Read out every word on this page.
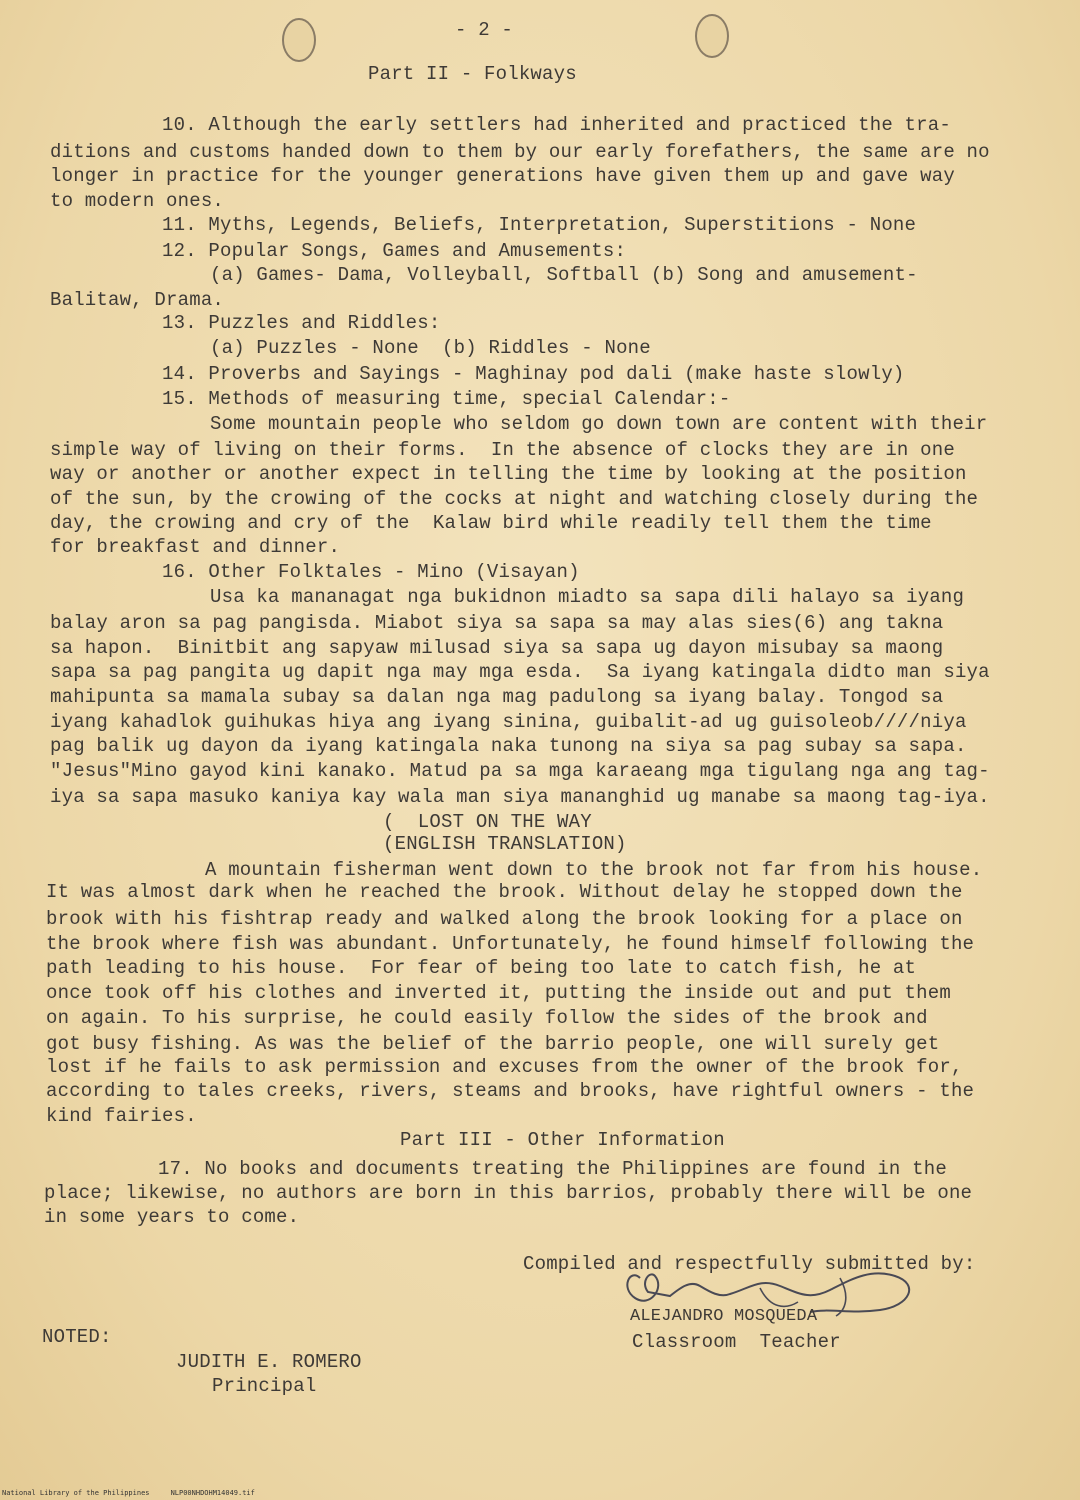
- 2 -
Part II - Folkways
10. Although the early settlers had inherited and practiced the tra-
ditions and customs handed down to them by our early forefathers, the same are no
longer in practice for the younger generations have given them up and gave way
to modern ones.
11. Myths, Legends, Beliefs, Interpretation, Superstitions - None
12. Popular Songs, Games and Amusements:
(a) Games- Dama, Volleyball, Softball (b) Song and amusement-
Balitaw, Drama.
13. Puzzles and Riddles:
(a) Puzzles - None  (b) Riddles - None
14. Proverbs and Sayings - Maghinay pod dali (make haste slowly)
15. Methods of measuring time, special Calendar:-
Some mountain people who seldom go down town are content with their
simple way of living on their forms.  In the absence of clocks they are in one
way or another or another expect in telling the time by looking at the position
of the sun, by the crowing of the cocks at night and watching closely during the
day, the crowing and cry of the  Kalaw bird while readily tell them the time
for breakfast and dinner.
16. Other Folktales - Mino (Visayan)
Usa ka mananagat nga bukidnon miadto sa sapa dili halayo sa iyang
balay aron sa pag pangisda. Miabot siya sa sapa sa may alas sies(6) ang takna
sa hapon.  Binitbit ang sapyaw milusad siya sa sapa ug dayon misubay sa maong
sapa sa pag pangita ug dapit nga may mga esda.  Sa iyang katingala didto man siya
mahipunta sa mamala subay sa dalan nga mag padulong sa iyang balay. Tongod sa
iyang kahadlok guihukas hiya ang iyang sinina, guibalit-ad ug guisoleob////niya
pag balik ug dayon da iyang katingala naka tunong na siya sa pag subay sa sapa.
"Jesus"Mino gayod kini kanako. Matud pa sa mga karaeang mga tigulang nga ang tag-
iya sa sapa masuko kaniya kay wala man siya mananghid ug manabe sa maong tag-iya.
(  LOST ON THE WAY
(ENGLISH TRANSLATION)
A mountain fisherman went down to the brook not far from his house.
It was almost dark when he reached the brook. Without delay he stopped down the
brook with his fishtrap ready and walked along the brook looking for a place on
the brook where fish was abundant. Unfortunately, he found himself following the
path leading to his house.  For fear of being too late to catch fish, he at
once took off his clothes and inverted it, putting the inside out and put them
on again. To his surprise, he could easily follow the sides of the brook and
got busy fishing. As was the belief of the barrio people, one will surely get
lost if he fails to ask permission and excuses from the owner of the brook for,
according to tales creeks, rivers, steams and brooks, have rightful owners - the
kind fairies.
Part III - Other Information
17. No books and documents treating the Philippines are found in the
place; likewise, no authors are born in this barrios, probably there will be one
in some years to come.
Compiled and respectfully submitted by:
ALEJANDRO MOSQUEDA
Classroom  Teacher
NOTED:
JUDITH E. ROMERO
Principal
National Library of the Philippines     NLP00NHDOHM14049.tif
